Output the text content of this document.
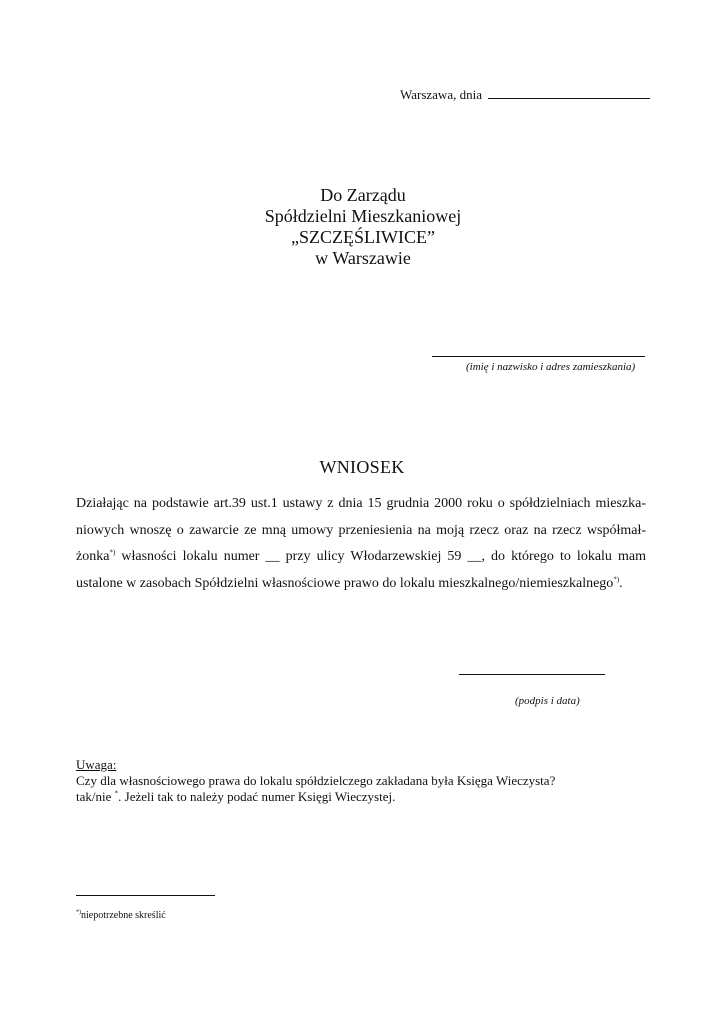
Warszawa, dnia
Do Zarządu
Spółdzielni Mieszkaniowej
„SZCZĘŚLIWICE”
w Warszawie
(imię i nazwisko i adres zamieszkania)
WNIOSEK
Działając na podstawie art.39 ust.1 ustawy z dnia 15 grudnia 2000 roku o spółdzielniach mieszka-
niowych wnoszę o zawarcie ze mną umowy przeniesienia na moją rzecz oraz na rzecz współmał-
żonka*) własności lokalu numer __ przy ulicy Włodarzewskiej 59 __, do którego to lokalu mam
ustalone w zasobach Spółdzielni własnościowe prawo do lokalu mieszkalnego/niemieszkalnego*).
(podpis i data)
Uwaga:
Czy dla własnościowego prawa do lokalu spółdzielczego zakładana była Księga Wieczysta?
tak/nie *. Jeżeli tak to należy podać numer Księgi Wieczystej.
*)niepotrzebne skreślić
